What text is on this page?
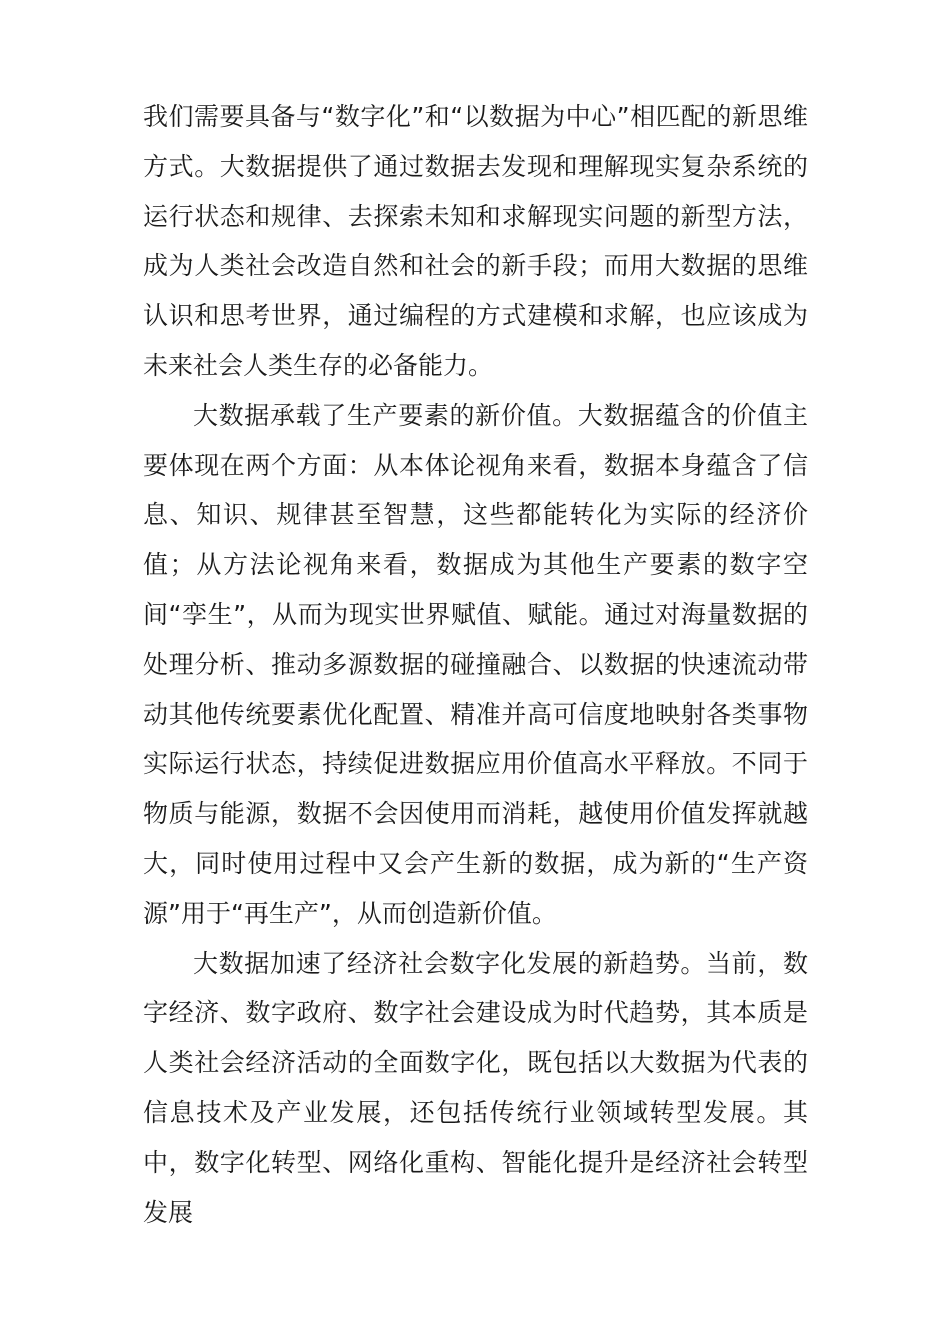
我们需要具备与“数字化”和“以数据为中心”相匹配的新思维方式。大数据提供了通过数据去发现和理解现实复杂系统的运行状态和规律、去探索未知和求解现实问题的新型方法，成为人类社会改造自然和社会的新手段；而用大数据的思维认识和思考世界，通过编程的方式建模和求解，也应该成为未来社会人类生存的必备能力。

大数据承载了生产要素的新价值。大数据蕴含的价值主要体现在两个方面：从本体论视角来看，数据本身蕴含了信息、知识、规律甚至智慧，这些都能转化为实际的经济价值；从方法论视角来看，数据成为其他生产要素的数字空间“孪生”，从而为现实世界赋值、赋能。通过对海量数据的处理分析、推动多源数据的碰撞融合、以数据的快速流动带动其他传统要素优化配置、精准并高可信度地映射各类事物实际运行状态，持续促进数据应用价值高水平释放。不同于物质与能源，数据不会因使用而消耗，越使用价值发挥就越大，同时使用过程中又会产生新的数据，成为新的“生产资源”用于“再生产”，从而创造新价值。

大数据加速了经济社会数字化发展的新趋势。当前，数字经济、数字政府、数字社会建设成为时代趋势，其本质是人类社会经济活动的全面数字化，既包括以大数据为代表的信息技术及产业发展，还包括传统行业领域转型发展。其中，数字化转型、网络化重构、智能化提升是经济社会转型发展
